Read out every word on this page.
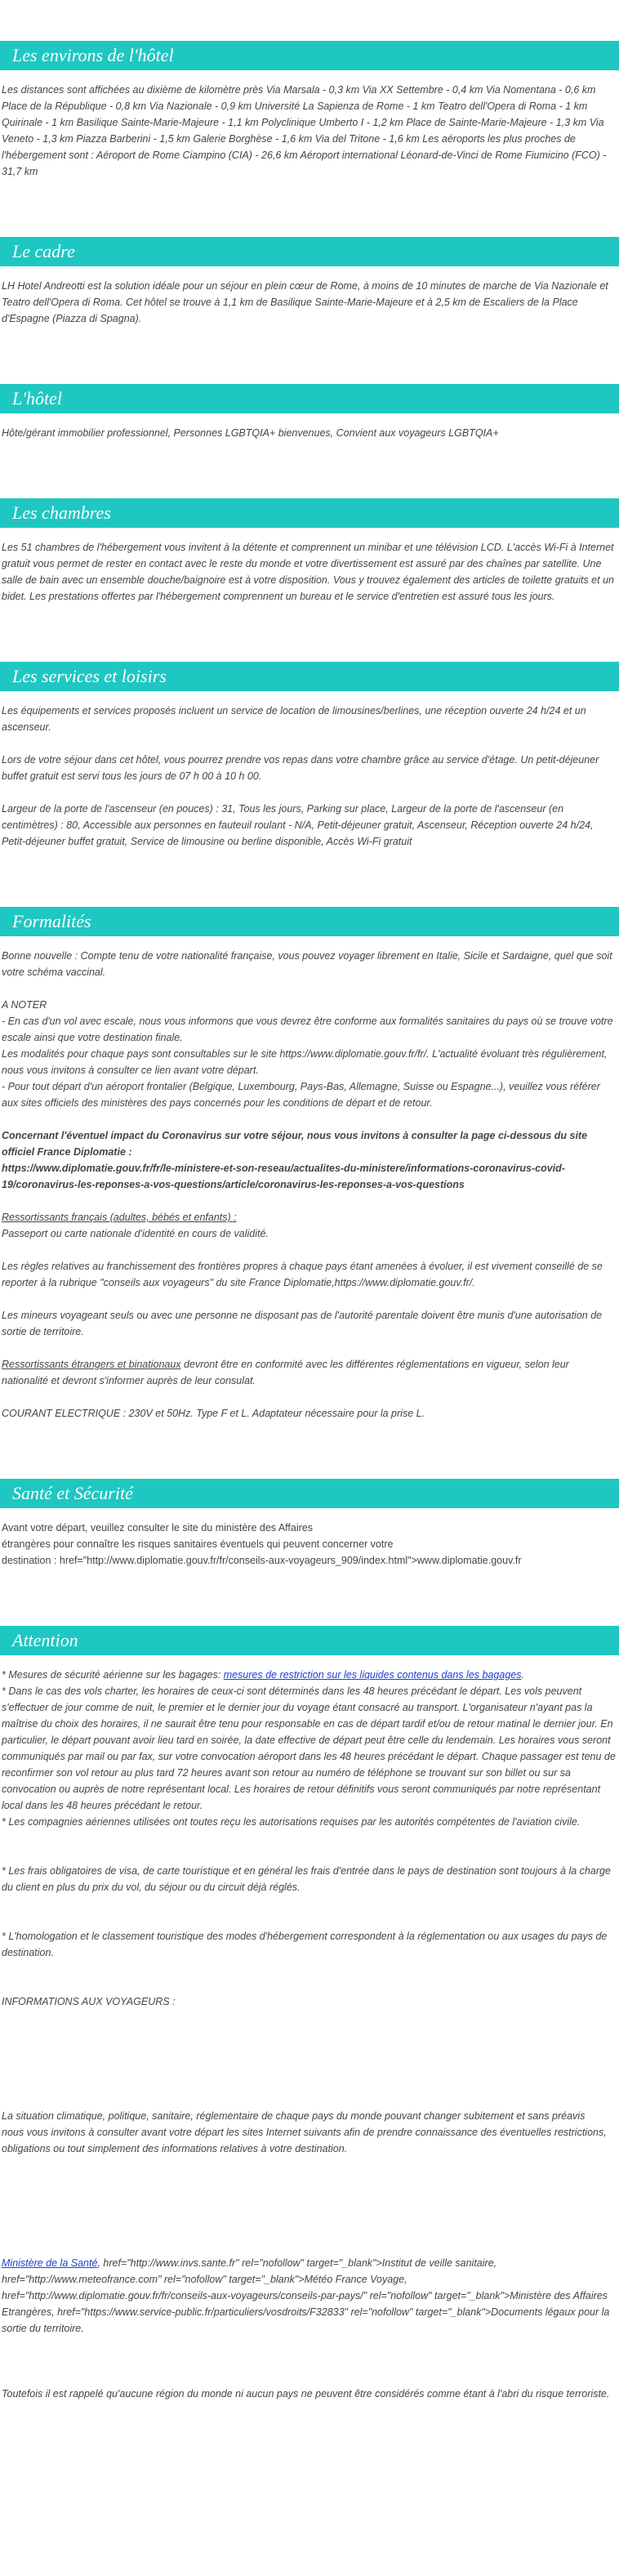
Les environs de l'hôtel
Les distances sont affichées au dixième de kilomètre près Via Marsala - 0,3 km Via XX Settembre - 0,4 km Via Nomentana - 0,6 km Place de la République - 0,8 km Via Nazionale - 0,9 km Université La Sapienza de Rome - 1 km Teatro dell'Opera di Roma - 1 km Quirinale - 1 km Basilique Sainte-Marie-Majeure - 1,1 km Polyclinique Umberto I - 1,2 km Place de Sainte-Marie-Majeure - 1,3 km Via Veneto - 1,3 km Piazza Barberini - 1,5 km Galerie Borghèse - 1,6 km Via del Tritone - 1,6 km Les aéroports les plus proches de l'hébergement sont : Aéroport de Rome Ciampino (CIA) - 26,6 km Aéroport international Léonard-de-Vinci de Rome Fiumicino (FCO) - 31,7 km
Le cadre
LH Hotel Andreotti est la solution idéale pour un séjour en plein cœur de Rome, à moins de 10 minutes de marche de Via Nazionale et Teatro dell'Opera di Roma. Cet hôtel se trouve à 1,1 km de Basilique Sainte-Marie-Majeure et à 2,5 km de Escaliers de la Place d'Espagne (Piazza di Spagna).
L'hôtel
Hôte/gérant immobilier professionnel, Personnes LGBTQIA+ bienvenues, Convient aux voyageurs LGBTQIA+
Les chambres
Les 51 chambres de l'hébergement vous invitent à la détente et comprennent un minibar et une télévision LCD. L'accès Wi-Fi à Internet gratuit vous permet de rester en contact avec le reste du monde et votre divertissement est assuré par des chaînes par satellite. Une salle de bain avec un ensemble douche/baignoire est à votre disposition. Vous y trouvez également des articles de toilette gratuits et un bidet. Les prestations offertes par l'hébergement comprennent un bureau et le service d'entretien est assuré tous les jours.
Les services et loisirs
Les équipements et services proposés incluent un service de location de limousines/berlines, une réception ouverte 24 h/24 et un ascenseur.
Lors de votre séjour dans cet hôtel, vous pourrez prendre vos repas dans votre chambre grâce au service d'étage. Un petit-déjeuner buffet gratuit est servi tous les jours de 07 h 00 à 10 h 00.
Largeur de la porte de l'ascenseur (en pouces) : 31, Tous les jours, Parking sur place, Largeur de la porte de l'ascenseur (en centimètres) : 80, Accessible aux personnes en fauteuil roulant - N/A, Petit-déjeuner gratuit, Ascenseur, Réception ouverte 24 h/24, Petit-déjeuner buffet gratuit, Service de limousine ou berline disponible, Accès Wi-Fi gratuit
Formalités
Bonne nouvelle : Compte tenu de votre nationalité française, vous pouvez voyager librement en Italie, Sicile et Sardaigne, quel que soit votre schéma vaccinal.
A NOTER
- En cas d'un vol avec escale, nous vous informons que vous devrez être conforme aux formalités sanitaires du pays où se trouve votre escale ainsi que votre destination finale.
Les modalités pour chaque pays sont consultables sur le site https://www.diplomatie.gouv.fr/fr/. L'actualité évoluant très régulièrement, nous vous invitons à consulter ce lien avant votre départ.
- Pour tout départ d'un aéroport frontalier (Belgique, Luxembourg, Pays-Bas, Allemagne, Suisse ou Espagne...), veuillez vous référer aux sites officiels des ministères des pays concernés pour les conditions de départ et de retour.
Concernant l'éventuel impact du Coronavirus sur votre séjour, nous vous invitons à consulter la page ci-dessous du site officiel France Diplomatie :
https://www.diplomatie.gouv.fr/fr/le-ministere-et-son-reseau/actualites-du-ministere/informations-coronavirus-covid-19/coronavirus-les-reponses-a-vos-questions/article/coronavirus-les-reponses-a-vos-questions
Ressortissants français (adultes, bébés et enfants) :
Passeport ou carte nationale d'identité en cours de validité.
Les règles relatives au franchissement des frontières propres à chaque pays étant amenées à évoluer, il est vivement conseillé de se reporter à la rubrique "conseils aux voyageurs" du site France Diplomatie,https://www.diplomatie.gouv.fr/.
Les mineurs voyageant seuls ou avec une personne ne disposant pas de l'autorité parentale doivent être munis d'une autorisation de sortie de territoire.
Ressortissants étrangers et binationaux devront être en conformité avec les différentes réglementations en vigueur, selon leur nationalité et devront s'informer auprès de leur consulat.
COURANT ELECTRIQUE : 230V et 50Hz. Type F et L. Adaptateur nécessaire pour la prise L.
Santé et Sécurité
Avant votre départ, veuillez consulter le site du ministère des Affaires
étrangères pour connaître les risques sanitaires éventuels qui peuvent concerner votre
destination : href="http://www.diplomatie.gouv.fr/fr/conseils-aux-voyageurs_909/index.html">www.diplomatie.gouv.fr
Attention
* Mesures de sécurité aérienne sur les bagages: mesures de restriction sur les liquides contenus dans les bagages.
* Dans le cas des vols charter, les horaires de ceux-ci sont déterminés dans les 48 heures précédant le départ. Les vols peuvent s'effectuer de jour comme de nuit, le premier et le dernier jour du voyage étant consacré au transport. L'organisateur n'ayant pas la maîtrise du choix des horaires, il ne saurait être tenu pour responsable en cas de départ tardif et/ou de retour matinal le dernier jour. En particulier, le départ pouvant avoir lieu tard en soirée, la date effective de départ peut être celle du lendemain. Les horaires vous seront communiqués par mail ou par fax, sur votre convocation aéroport dans les 48 heures précédant le départ. Chaque passager est tenu de reconfirmer son vol retour au plus tard 72 heures avant son retour au numéro de téléphone se trouvant sur son billet ou sur sa convocation ou auprès de notre représentant local. Les horaires de retour définitifs vous seront communiqués par notre représentant local dans les 48 heures précédant le retour.
* Les compagnies aériennes utilisées ont toutes reçu les autorisations requises par les autorités compétentes de l'aviation civile.
* Les frais obligatoires de visa, de carte touristique et en général les frais d'entrée dans le pays de destination sont toujours à la charge du client en plus du prix du vol, du séjour ou du circuit déjà réglés.
* L'homologation et le classement touristique des modes d'hébergement correspondent à la réglementation ou aux usages du pays de destination.
INFORMATIONS AUX VOYAGEURS :
La situation climatique, politique, sanitaire, réglementaire de chaque pays du monde pouvant changer subitement et sans préavis
nous vous invitons à consulter avant votre départ les sites Internet suivants afin de prendre connaissance des éventuelles restrictions, obligations ou tout simplement des informations relatives à votre destination.
Ministère de la Santé, href="http://www.invs.sante.fr" rel="nofollow" target="_blank">Institut de veille sanitaire, href="http://www.meteofrance.com" rel="nofollow" target="_blank">Météo France Voyage, href="http://www.diplomatie.gouv.fr/fr/conseils-aux-voyageurs/conseils-par-pays/" rel="nofollow" target="_blank">Ministère des Affaires Etrangères, href="https://www.service-public.fr/particuliers/vosdroits/F32833" rel="nofollow" target="_blank">Documents légaux pour la sortie du territoire.
Toutefois il est rappelé qu'aucune région du monde ni aucun pays ne peuvent être considérés comme étant à l'abri du risque terroriste.
